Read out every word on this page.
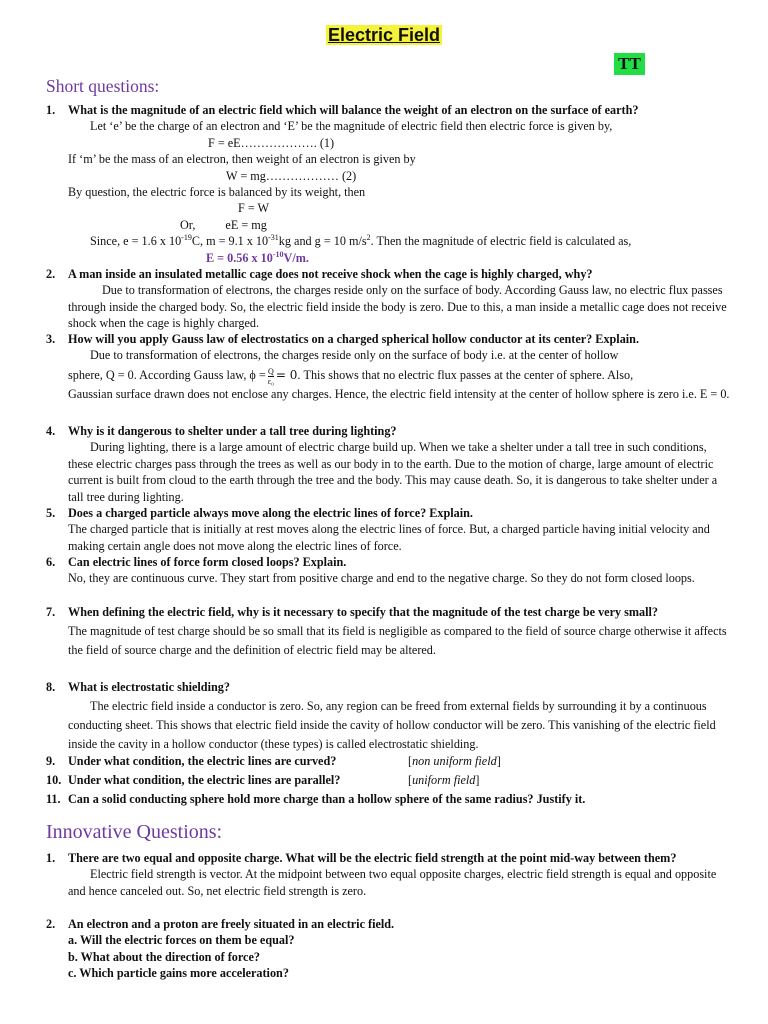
Electric Field
TT
Short questions:
1. What is the magnitude of an electric field which will balance the weight of an electron on the surface of earth?
Let ‘e’ be the charge of an electron and ‘E’ be the magnitude of electric field then electric force is given by,
F = eE………………. (1)
If ‘m’ be the mass of an electron, then weight of an electron is given by
W = mg……………… (2)
By question, the electric force is balanced by its weight, then
F = W
Or, eE = mg
Since, e = 1.6 x $10^{-19}C$, m = 9.1 x $10^{-31}kg$ and g = 10 $m/s^2$. Then the magnitude of electric field is calculated as,
E = 0.56 x $10^{-10}V/m$.
2. A man inside an insulated metallic cage does not receive shock when the cage is highly charged, why?
Due to transformation of electrons, the charges reside only on the surface of body. According Gauss law, no electric flux passes through inside the charged body. So, the electric field inside the body is zero. Due to this, a man inside a metallic cage does not receive shock when the cage is highly charged.
3. How will you apply Gauss law of electrostatics on a charged spherical hollow conductor at its center? Explain.
Due to transformation of electrons, the charges reside only on the surface of body i.e. at the center of hollow
sphere, Q = 0. According Gauss law, $\phi = \frac{Q}{\text{ε₀}} = 0$. This shows that no electric flux passes at the center of sphere. Also,
Gaussian surface drawn does not enclose any charges. Hence, the electric field intensity at the center of hollow sphere is zero i.e. E = 0.
4. Why is it dangerous to shelter under a tall tree during lighting?
During lighting, there is a large amount of electric charge build up. When we take a shelter under a tall tree in such conditions, these electric charges pass through the trees as well as our body in to the earth. Due to the motion of charge, large amount of electric current is built from cloud to the earth through the tree and the body. This may cause death. So, it is dangerous to take shelter under a tall tree during lighting.
5. Does a charged particle always move along the electric lines of force? Explain.
The charged particle that is initially at rest moves along the electric lines of force. But, a charged particle having initial velocity and making certain angle does not move along the electric lines of force.
6. Can electric lines of force form closed loops? Explain.
No, they are continuous curve. They start from positive charge and end to the negative charge. So they do not form closed loops.
7. When defining the electric field, why is it necessary to specify that the magnitude of the test charge be very small?
The magnitude of test charge should be so small that its field is negligible as compared to the field of source charge otherwise it affects the field of source charge and the definition of electric field may be altered.
8. What is electrostatic shielding?
The electric field inside a conductor is zero. So, any region can be freed from external fields by surrounding it by a continuous conducting sheet. This shows that electric field inside the cavity of hollow conductor will be zero. This vanishing of the electric field inside the cavity in a hollow conductor (these types) is called electrostatic shielding.
9. Under what condition, the electric lines are curved?	[non uniform field]
10. Under what condition, the electric lines are parallel?	[uniform field]
11. Can a solid conducting sphere hold more charge than a hollow sphere of the same radius? Justify it.
Innovative Questions:
1. There are two equal and opposite charge. What will be the electric field strength at the point mid-way between them?
Electric field strength is vector. At the midpoint between two equal opposite charges, electric field strength is equal and opposite and hence canceled out. So, net electric field strength is zero.
2. An electron and a proton are freely situated in an electric field.
a. Will the electric forces on them be equal?
b. What about the direction of force?
c. Which particle gains more acceleration?
